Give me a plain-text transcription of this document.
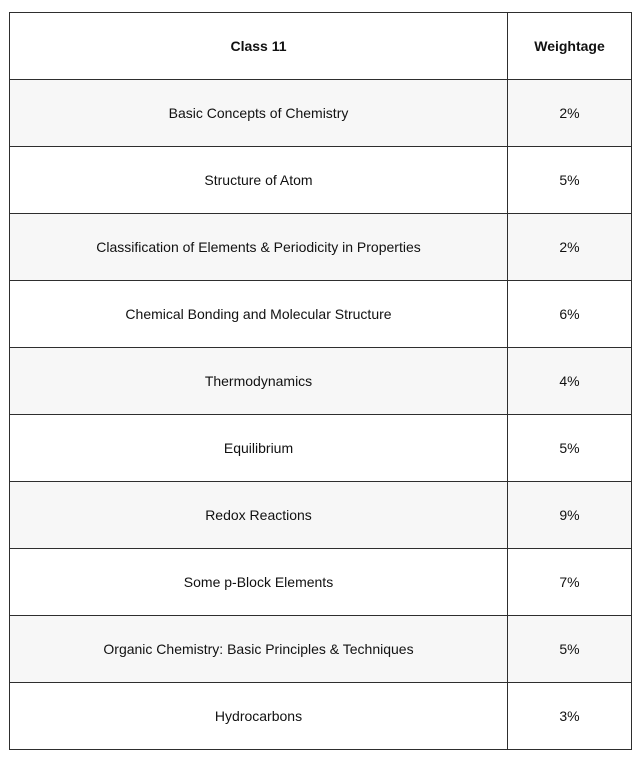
Class 11	Weightage
Basic Concepts of Chemistry	2%
Structure of Atom	5%
Classification of Elements & Periodicity in Properties	2%
Chemical Bonding and Molecular Structure	6%
Thermodynamics	4%
Equilibrium	5%
Redox Reactions	9%
Some p-Block Elements	7%
Organic Chemistry: Basic Principles & Techniques	5%
Hydrocarbons	3%
